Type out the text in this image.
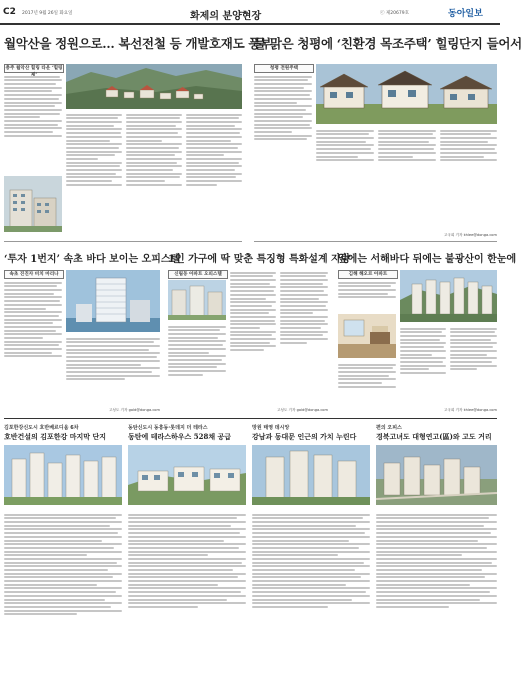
C2 2017년 9월 26일 화요일	화제의 분양현장	ⓒ 제20679호	동아일보
월악산을 정원으로… 복선전철 등 개발호재도 풍부
충주 월악산 힐링 타운 ‘힐링

물 맑은 청평에 ‘친환경 목조주택’ 힐링단지 들어서
청평 전원주택

고국희 기자 khlee@donga.com
‘투자 1번지’ 속초 바다 보이는 오피스텔
1인 가구에 딱 맞춘 특징형 특화설계 자랑
앞에는 서해바다 뒤에는 불광산이 한눈에
속초 진진자 비치 마리나

고성도 기자 gold@donga.com
신림동 아파트 오피스텔

고성도 기자 gold@donga.com
김해 해오르 아파트

고국희 기자 khlee@donga.com
김포한강신도시 호반베르디움 6차
호반건설의 김포한강 마지막 단지

동탄신도시 동흥동·롯데지 더 테라스
동탄에 테라스하우스 528채 공급

망원 태영 데시앙
강남과 동대문 인근의 가치 누린다

편의 오피스
경북고녀도 대형연고(區)와 고도 거리
